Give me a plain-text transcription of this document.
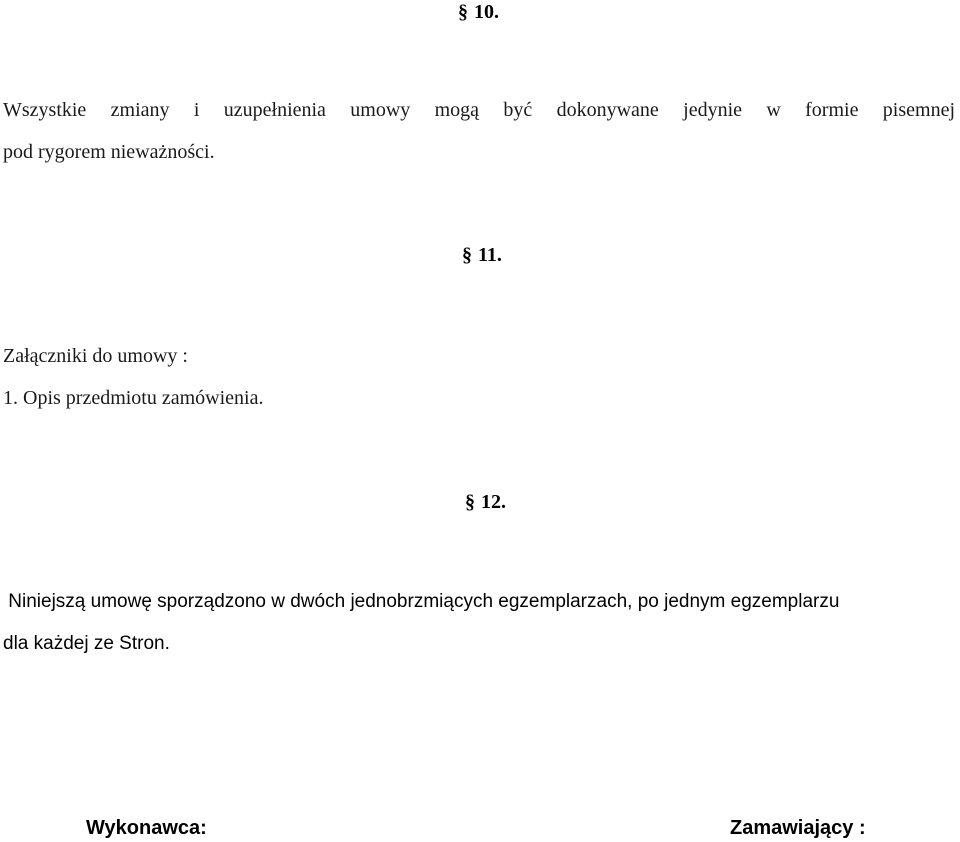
§ 10.
Wszystkie zmiany i uzupełnienia umowy mogą być dokonywane jedynie w formie pisemnej
pod rygorem nieważności.
§ 11.
Załączniki do umowy :
1. Opis przedmiotu zamówienia.
§ 12.
Niniejszą umowę sporządzono w dwóch jednobrzmiących egzemplarzach, po jednym egzemplarzu
dla każdej ze Stron.
Wykonawca:	Zamawiający :
